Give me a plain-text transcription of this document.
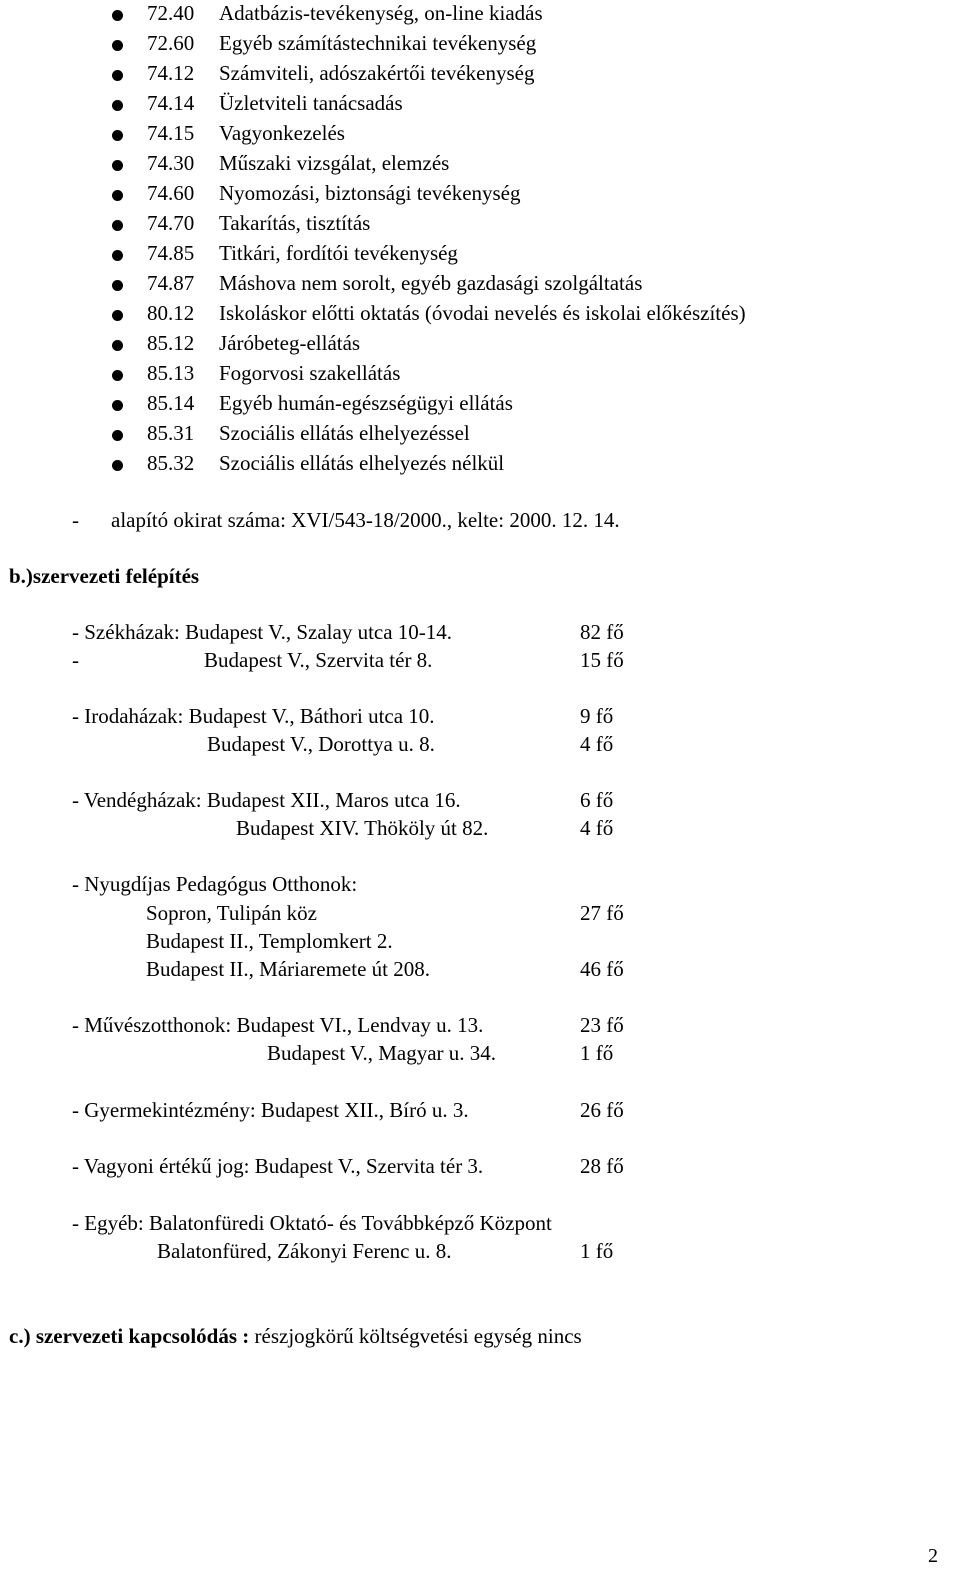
72.40 Adatbázis-tevékenység, on-line kiadás
72.60 Egyéb számítástechnikai tevékenység
74.12 Számviteli, adószakértői tevékenység
74.14 Üzletviteli tanácsadás
74.15 Vagyonkezelés
74.30 Műszaki vizsgálat, elemzés
74.60 Nyomozási, biztonsági tevékenység
74.70 Takarítás, tisztítás
74.85 Titkári, fordítói tevékenység
74.87 Máshova nem sorolt, egyéb gazdasági szolgáltatás
80.12 Iskoláskor előtti oktatás (óvodai nevelés és iskolai előkészítés)
85.12 Járóbeteg-ellátás
85.13 Fogorvosi szakellátás
85.14 Egyéb humán-egészségügyi ellátás
85.31 Szociális ellátás elhelyezéssel
85.32 Szociális ellátás elhelyezés nélkül
- alapító okirat száma: XVI/543-18/2000., kelte: 2000. 12. 14.
b.)szervezeti felépítés
- Székházak: Budapest V., Szalay utca 10-14.	82 fő
-	Budapest V., Szervita tér 8.	15 fő
- Irodaházak: Budapest V., Báthori utca 10.	9 fő
Budapest V., Dorottya u. 8.	4 fő
- Vendégházak: Budapest XII., Maros utca 16.	6 fő
Budapest XIV. Thököly út 82.	4 fő
- Nyugdíjas Pedagógus Otthonok:
Sopron, Tulipán köz	27 fő
Budapest II., Templomkert 2.
Budapest II., Máriaremete út 208.	46 fő
- Művészotthonok: Budapest VI., Lendvay u. 13.	23 fő
Budapest V., Magyar u. 34.	1 fő
- Gyermekintézmény: Budapest XII., Bíró u. 3.	26 fő
- Vagyoni értékű jog: Budapest V., Szervita tér 3.	28 fő
- Egyéb: Balatonfüredi Oktató- és Továbbképző Központ
Balatonfüred, Zákonyi Ferenc u. 8.	1 fő
c.) szervezeti kapcsolódás : részjogkörű költségvetési egység nincs
2
